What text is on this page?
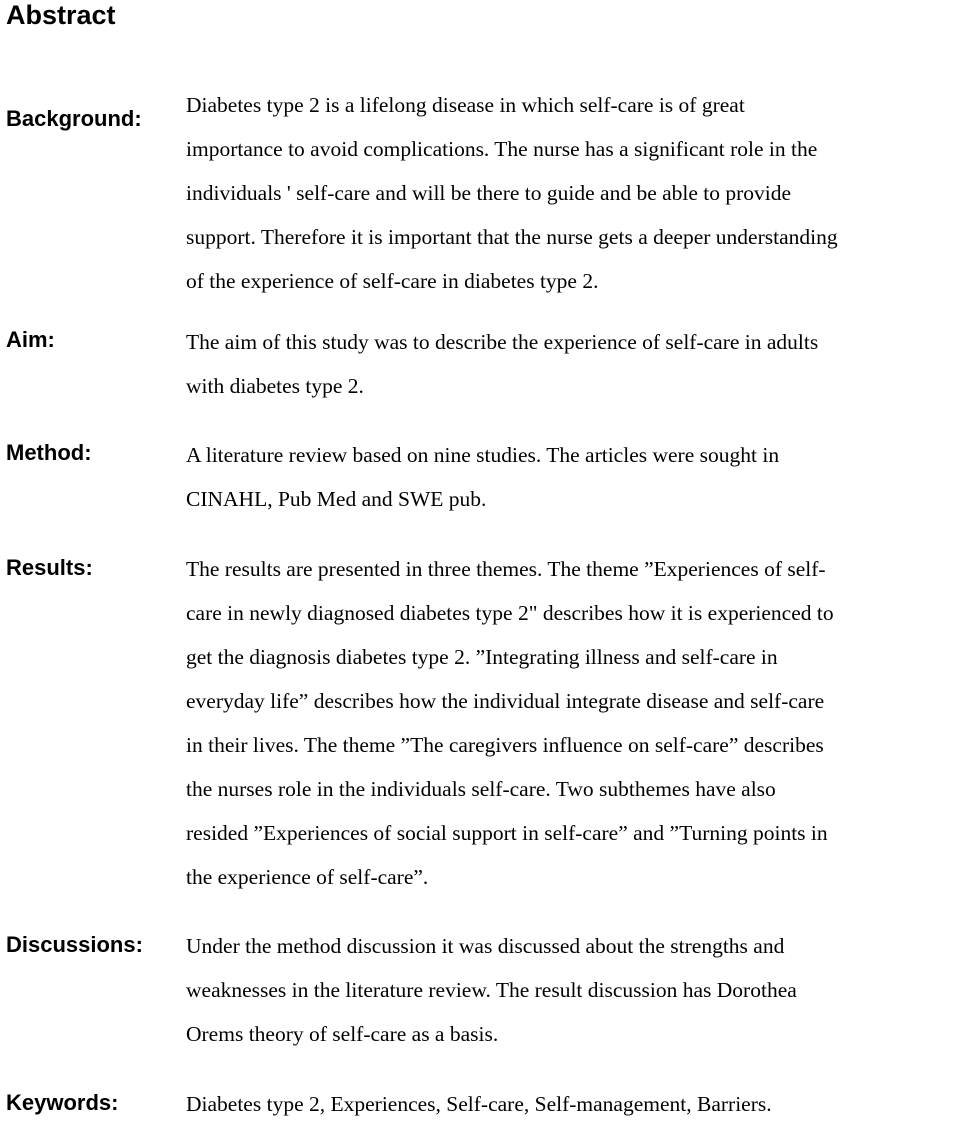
Abstract
Background:
Diabetes type 2 is a lifelong disease in which self-care is of great
importance to avoid complications. The nurse has a significant role in the
individuals ' self-care and will be there to guide and be able to provide
support. Therefore it is important that the nurse gets a deeper understanding
of the experience of self-care in diabetes type 2.
Aim:	The aim of this study was to describe the experience of self-care in adults
with diabetes type 2.
Method:	A literature review based on nine studies. The articles were sought in
CINAHL, Pub Med and SWE pub.
Results:	The results are presented in three themes. The theme ”Experiences of self-
care in newly diagnosed diabetes type 2" describes how it is experienced to
get the diagnosis diabetes type 2. ”Integrating illness and self-care in
everyday life” describes how the individual integrate disease and self-care
in their lives. The theme ”The caregivers influence on self-care” describes
the nurses role in the individuals self-care. Two subthemes have also
resided ”Experiences of social support in self-care” and ”Turning points in
the experience of self-care”.
Discussions: Under the method discussion it was discussed about the strengths and
weaknesses in the literature review. The result discussion has Dorothea
Orems theory of self-care as a basis.
Keywords:	Diabetes type 2, Experiences, Self-care, Self-management, Barriers.
